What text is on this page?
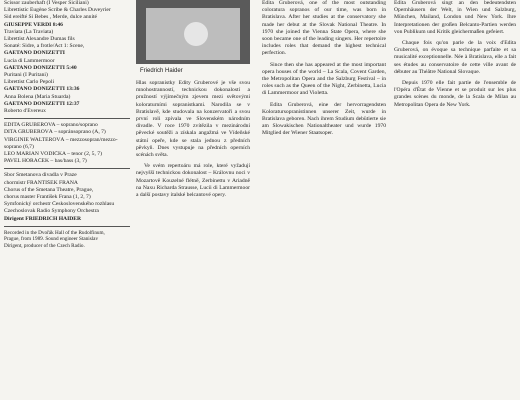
Scissor zauberhaft (I Vesper Siciliani)
Librettistic Eugène Scribe & Charles Duveyrier
Sid ereifté Si Bebes , Merde, dulce annité
GIUSEPPE VERDI 8:46
Traviata (La Traviata)
Librettist Alexandre Dumas fils
Sonaté: Sidre, a frotle/Act 1: Scene,
GAETANO DONIZETTI
Lucia di Lammermoor
GAETANO DONIZETTI 5:40
Puritani (I Puritani)
Librettist Carlo Pepoli
GAETANO DONIZETTI 13:36
Anna Bolena (Maria Stuarda)
GAETANO DONIZETTI 12:37
Roberto d'Evereux
EDITA GRUBEROVA – soprano/soprano
DITA GRUBEROVÁ – sopránsoprano (A, 7)
VIRGINIE WALTEROVÁ – mezzosopran/mezzo-
soprano (6,7)
LEO MARIAN VODIČKA – tenor (2, 5, 7)
PAVEL HORÁČEK – bas/bass (3, 7)
Sbor Smetanova divadla v Praze
chormistr FRANTIŠEK FRANA
Chorus of the Smetana Theatre, Prague,
chorus master František Frana (1, 2, 7)
Symfonický orchestr Československého rozhlasu
Czechoslovak Radio Symphony Orchestra
Dirigent FRIEDRICH HAIDER
Recorded in the Dvořák Hall of the Rudolfinum,
Prague, from 1989. Sound engineer Stanislav
Dirigent, producer of the Czech Radio.
Friedrich Haider

Hlas sopranistky Edity Gruberové je vše svou mnohostranností, technickou dokonalostí a pružností výjimečným zjevem mezi světovými koloraturními sopranistkami. Narodila se v Bratislavě, kde studovala na konzervatoři a svou první roli zpívala ve Slovenském národním divadle. V roce 1970 zvítězila v mezinárodní pěvecké soutěži a získala angažmá ve Vídeňské státní opeře, kde se stala jednou z předních pěvkyň. Dnes vystupuje na předních operních scénách světa.

Ve svém repertoáru má role, které vyžadují nejvyšší technickou dokonalost – Královnu noci v Mozartově Kouzelné flétně, Zerbinettu v Ariadně na Naxu Richarda Strausse, Lucii di Lammermoor a další postavy italské belcantové opery.

Edita Gruberová, one of the most outstanding coloratura sopranos of our time, was born in Bratislava. After her studies at the conservatory she made her debut at the Slovak National Theatre. In 1970 she joined the Vienna State Opera, where she soon became one of the leading singers. Her repertoire includes roles that demand the highest technical perfection.

Since then she has appeared at the most important opera houses of the world – La Scala, Covent Garden, the Metropolitan Opera and the Salzburg Festival – in roles such as the Queen of the Night, Zerbinetta, Lucia di Lammermoor and Violetta.

Edita Gruberová, eine der hervorragendsten Koloratursopranistinnen unserer Zeit, wurde in Bratislava geboren. Nach ihrem Studium debütierte sie am Slowakischen Nationaltheater und wurde 1970 Mitglied der Wiener Staatsoper.

Edita Gruberová singt an den bedeutendsten Opernhäusern der Welt, in Wien und Salzburg, München, Mailand, London und New York. Ihre Interpretationen der großen Belcanto-Partien werden von Publikum und Kritik gleichermaßen gefeiert.

Chaque fois qu'on parle de la voix d'Edita Gruberová, on évoque sa technique parfaite et sa musicalité exceptionnelle. Née à Bratislava, elle a fait ses études au conservatoire de cette ville avant de débuter au Théâtre National Slovaque.

Depuis 1970 elle fait partie de l'ensemble de l'Opéra d'État de Vienne et se produit sur les plus grandes scènes du monde, de la Scala de Milan au Metropolitan Opera de New York.
